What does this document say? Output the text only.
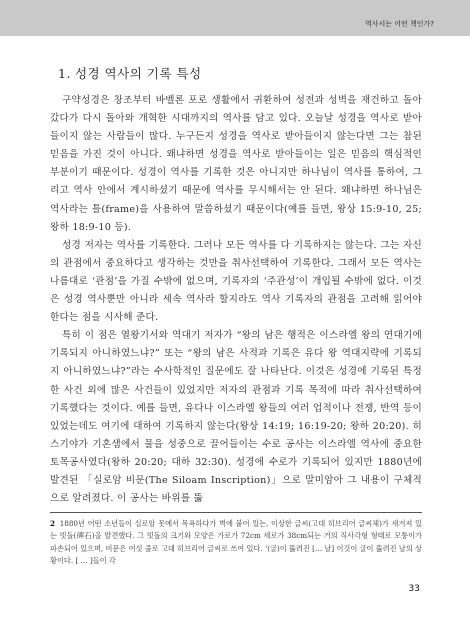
역사서는 어떤 책인가?
1. 성경 역사의 기록 특성

구약성경은 창조부터 바벨론 포로 생활에서 귀환하여 성전과 성벽을 재건하고 돌아갔다가 다시 돌아와 개혁한 시대까지의 역사를 담고 있다. 오늘날 성경을 역사로 받아들이지 않는 사람들이 많다. 누구든지 성경을 역사로 받아들이지 않는다면 그는 참된 믿음을 가진 것이 아니다. 왜냐하면 성경을 역사로 받아들이는 일은 믿음의 핵심적인 부분이기 때문이다. 성경이 역사를 기록한 것은 아니지만 하나님이 역사를 통하여, 그리고 역사 안에서 계시하셨기 때문에 역사를 무시해서는 안 된다. 왜냐하면 하나님은 역사라는 틀(frame)을 사용하여 말씀하셨기 때문이다(예를 들면, 왕상 15:9-10, 25; 왕하 18:9-10 등).

성경 저자는 역사를 기록한다. 그러나 모든 역사를 다 기록하지는 않는다. 그는 자신의 관점에서 중요하다고 생각하는 것만을 취사선택하여 기록한다. 그래서 모든 역사는 나름대로 ‘관점’을 가질 수밖에 없으며, 기록자의 ‘주관성’이 개입될 수밖에 없다. 이것은 성경 역사뿐만 아니라 세속 역사라 할지라도 역사 기록자의 관점을 고려해 읽어야 한다는 점을 시사해 준다.

특히 이 점은 열왕기서와 역대기 저자가 “왕의 남은 행적은 이스라엘 왕의 연대기에 기록되지 아니하였느냐?” 또는 “왕의 남은 사적과 기록은 유다 왕 역대지략에 기록되지 아니하였느냐?”라는 수사학적인 질문에도 잘 나타난다. 이것은 성경에 기록된 특정한 사건 외에 많은 사건들이 있었지만 저자의 관점과 기록 목적에 따라 취사선택하여 기록했다는 것이다. 예를 들면, 유다나 이스라엘 왕들의 여러 업적이나 전쟁, 반역 등이 있었는데도 여기에 대하여 기록하지 않는다(왕상 14:19; 16:19-20; 왕하 20:20). 히스기야가 기혼샘에서 물을 성중으로 끌어들이는 수로 공사는 이스라엘 역사에 중요한 토목공사였다(왕하 20:20; 대하 32:30). 성경에 수로가 기록되어 있지만 1880년에 발견된 「실로암 비문(The Siloam Inscription)」으로 말미암아 그 내용이 구체적으로 알려졌다. 이 공사는 바위를 뚫

2 1880년 어떤 소년들이 실로암 못에서 목욕하다가 벽에 붙어 있는, 이상한 글씨(고대 히브리어 글씨체)가 새겨져 있는 빗돌(碑石)을 발견했다. 그 빗돌의 크기와 모양은 가로가 72cm 세로가 38cm되는 거의 직사각형 형태로 모퉁이가 파손되어 있으며, 비문은 여섯 줄로 고대 히브리어 글씨로 쓰여 있다. ‘(굴)이 뚫려진 [… 날] 이것이 굴이 뚫려진 날의 상황이다. [ … ]들이 각
33
